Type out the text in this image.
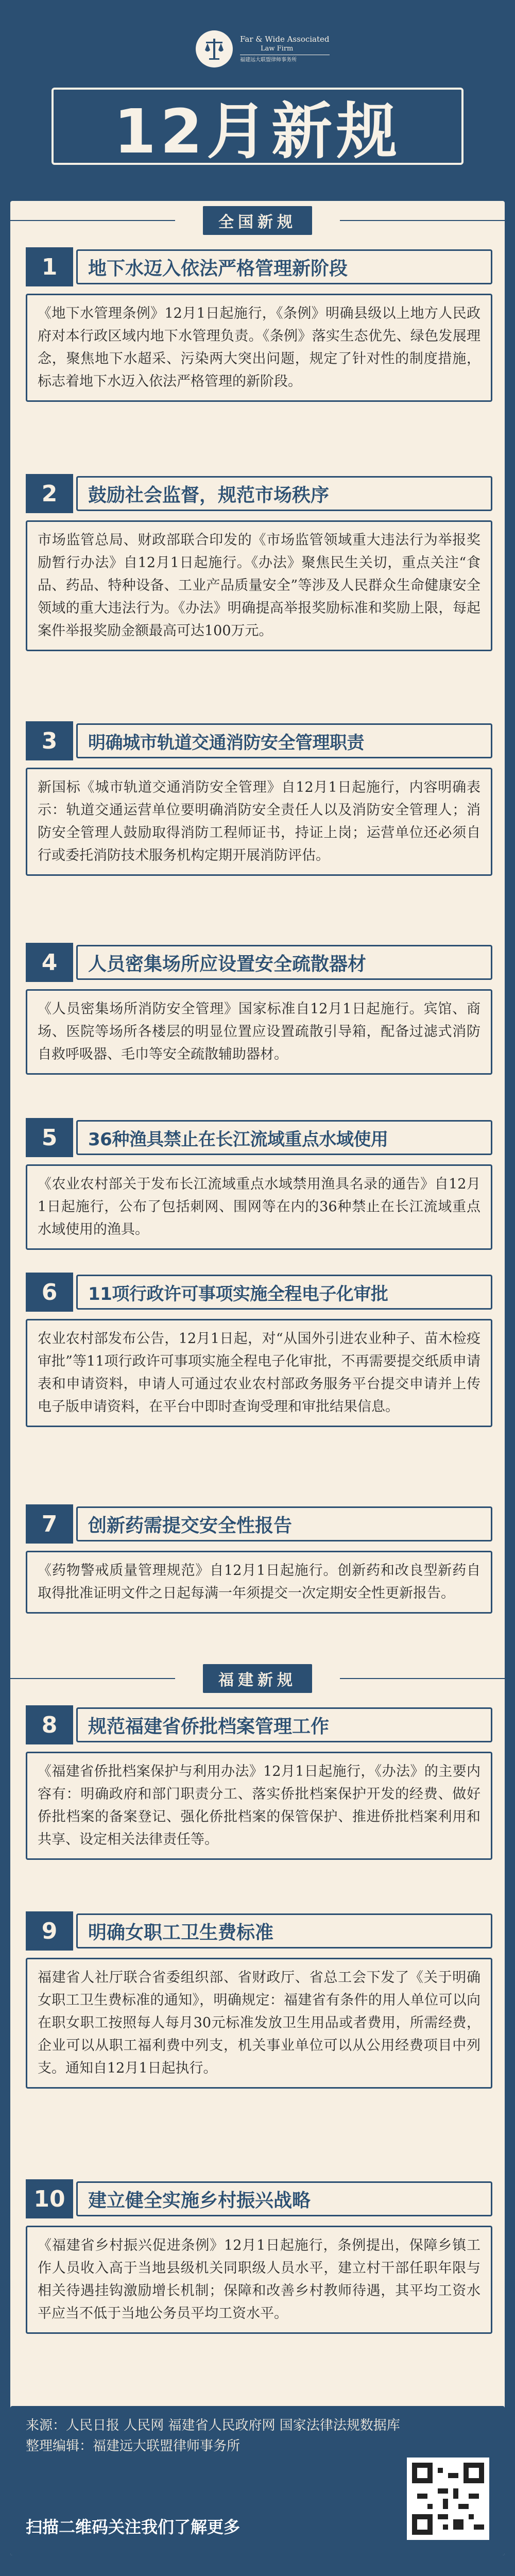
Far & Wide Associated
Law Firm
福建远大联盟律师事务所
12月新规
全国新规
1	地下水迈入依法严格管理新阶段
《地下水管理条例》12月1日起施行，《条例》明确县级以上地方人民政府对本行政区域内地下水管理负责。《条例》落实生态优先、绿色发展理念，聚焦地下水超采、污染两大突出问题，规定了针对性的制度措施，标志着地下水迈入依法严格管理的新阶段。
2	鼓励社会监督，规范市场秩序
市场监管总局、财政部联合印发的《市场监管领域重大违法行为举报奖励暂行办法》自12月1日起施行。《办法》聚焦民生关切，重点关注“食品、药品、特种设备、工业产品质量安全”等涉及人民群众生命健康安全领域的重大违法行为。《办法》明确提高举报奖励标准和奖励上限，每起案件举报奖励金额最高可达100万元。
3	明确城市轨道交通消防安全管理职责
新国标《城市轨道交通消防安全管理》自12月1日起施行，内容明确表示：轨道交通运营单位要明确消防安全责任人以及消防安全管理人；消防安全管理人鼓励取得消防工程师证书，持证上岗；运营单位还必须自行或委托消防技术服务机构定期开展消防评估。
4	人员密集场所应设置安全疏散器材
《人员密集场所消防安全管理》国家标准自12月1日起施行。宾馆、商场、医院等场所各楼层的明显位置应设置疏散引导箱，配备过滤式消防自救呼吸器、毛巾等安全疏散辅助器材。
5	36种渔具禁止在长江流域重点水域使用
《农业农村部关于发布长江流域重点水域禁用渔具名录的通告》自12月1日起施行，公布了包括刺网、围网等在内的36种禁止在长江流域重点水域使用的渔具。
6	11项行政许可事项实施全程电子化审批
农业农村部发布公告，12月1日起，对“从国外引进农业种子、苗木检疫审批”等11项行政许可事项实施全程电子化审批，不再需要提交纸质申请表和申请资料，申请人可通过农业农村部政务服务平台提交申请并上传电子版申请资料，在平台中即时查询受理和审批结果信息。
7	创新药需提交安全性报告
《药物警戒质量管理规范》自12月1日起施行。创新药和改良型新药自取得批准证明文件之日起每满一年须提交一次定期安全性更新报告。
福建新规
8	规范福建省侨批档案管理工作
《福建省侨批档案保护与利用办法》12月1日起施行，《办法》的主要内容有：明确政府和部门职责分工、落实侨批档案保护开发的经费、做好侨批档案的备案登记、强化侨批档案的保管保护、推进侨批档案利用和共享、设定相关法律责任等。
9	明确女职工卫生费标准
福建省人社厅联合省委组织部、省财政厅、省总工会下发了《关于明确女职工卫生费标准的通知》，明确规定：福建省有条件的用人单位可以向在职女职工按照每人每月30元标准发放卫生用品或者费用，所需经费，企业可以从职工福利费中列支，机关事业单位可以从公用经费项目中列支。通知自12月1日起执行。
10	建立健全实施乡村振兴战略
《福建省乡村振兴促进条例》12月1日起施行，条例提出，保障乡镇工作人员收入高于当地县级机关同职级人员水平，建立村干部任职年限与相关待遇挂钩激励增长机制；保障和改善乡村教师待遇，其平均工资水平应当不低于当地公务员平均工资水平。
来源：人民日报 人民网 福建省人民政府网 国家法律法规数据库
整理编辑：福建远大联盟律师事务所
扫描二维码关注我们了解更多
